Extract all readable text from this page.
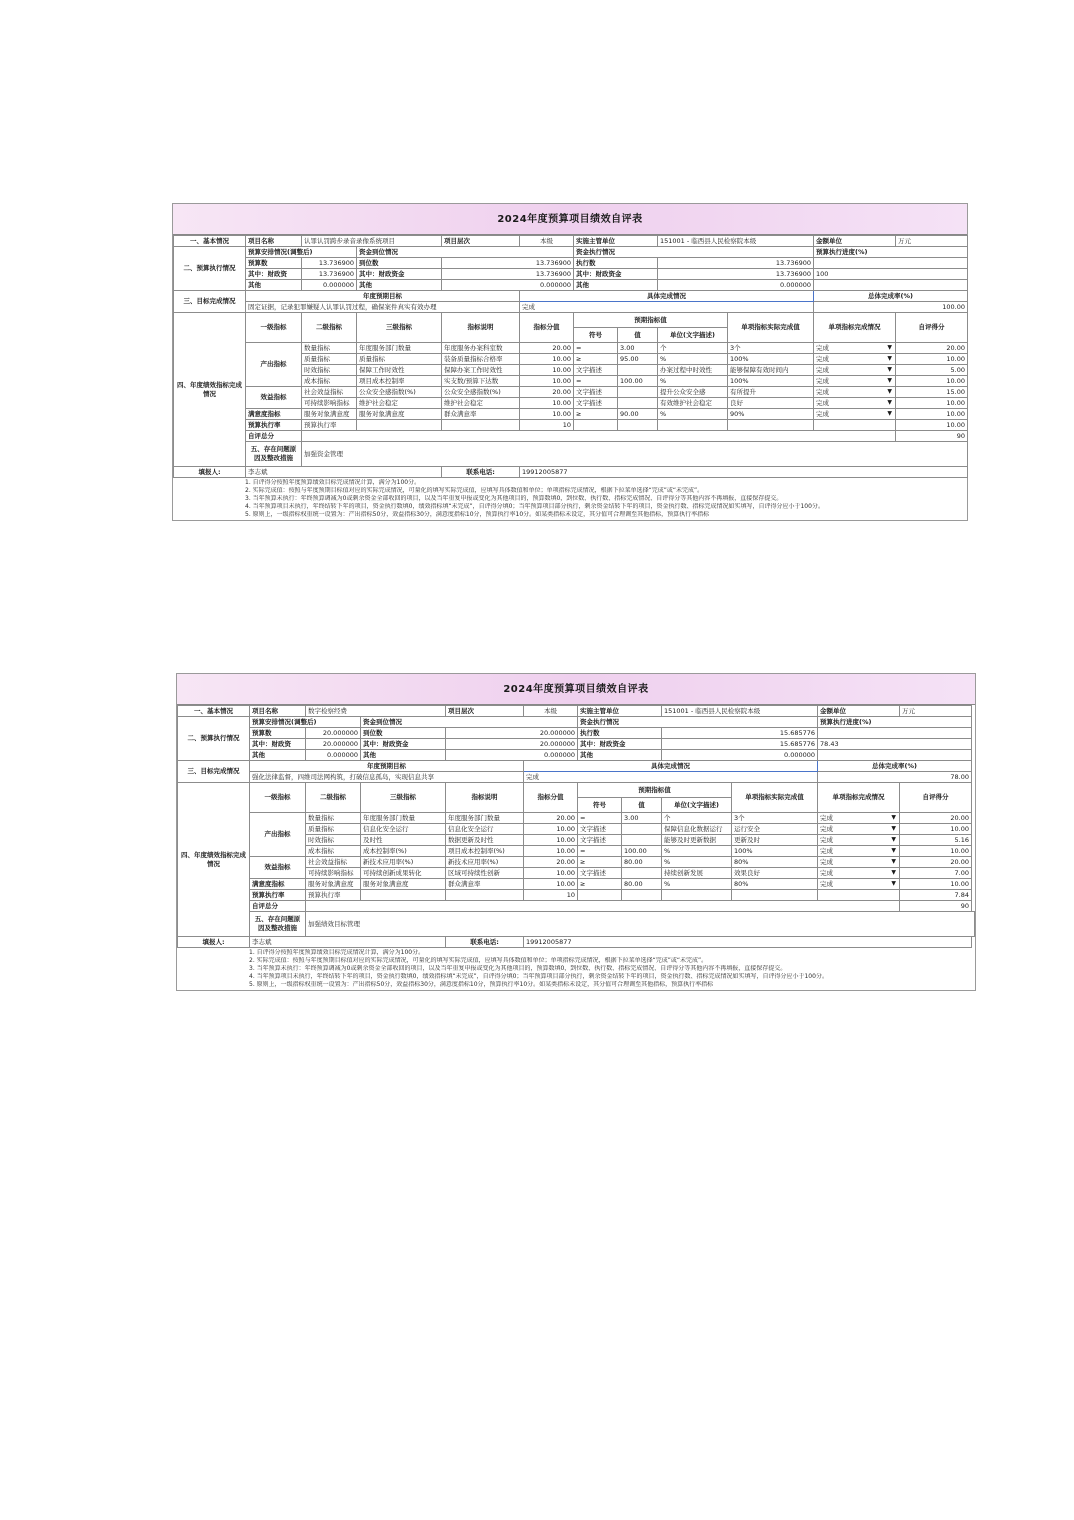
2024年度预算项目绩效自评表
一、基本情况	项目名称	认罪认罚跨步录音录像系统项目		项目层次	本级	实施主管单位		151001 - 临西县人民检察院本级		金额单位	万元
二、预算执行情况	预算安排情况(调整后)		资金到位情况			资金执行情况				预算执行进度(%)	
	预算数	13.736900	到位数	13.736900		执行数		13.736900			
	其中：财政资	13.736900	其中：财政资金	13.736900		其中：财政资金		13.736900		100	
	其他	0.000000	其他	0.000000		其他		0.000000			
三、目标完成情况	年度预期目标				具体完成情况					总体完成率(%)	
	固定证据，记录犯罪嫌疑人认罪认罚过程，确保案件真实有效办理				完成					100.00	
四、年度绩效指标完成情况	一级指标	二级指标	三级指标	指标说明	指标分值	预期指标值			单项指标实际完成值	单项指标完成情况	自评得分
						符号	值	单位(文字描述)			
	产出指标	数量指标	年度服务部门数量	年度服务办案科室数	20.00	=	3.00	个	3个	完成 ▼	20.00
		质量指标	质量指标	装备质量指标合格率	10.00	≥	95.00	%	100%	完成 ▼	10.00
		时效指标	保障工作时效性	保障办案工作时效性	10.00	文字描述		办案过程中时效性	能够保障有效时间内	完成 ▼	5.00
		成本指标	项目成本控制率	实支数/预算下达数	10.00	=	100.00	%	100%	完成 ▼	10.00
	效益指标	社会效益指标	公众安全感指数(%)	公众安全感指数(%)	20.00	文字描述		提升公众安全感	有所提升	完成 ▼	15.00
		可持续影响指标	维护社会稳定	维护社会稳定	10.00	文字描述		有效维护社会稳定	良好	完成 ▼	10.00
	满意度指标	服务对象满意度	服务对象满意度	群众满意率	10.00	≥	90.00	%	90%	完成 ▼	10.00
	预算执行率	预算执行率			10						10.00
	自评总分										90
	五、存在问题原因及整改措施	加强资金管理									
填报人:	李志斌			联系电话:	19912005877						
1. 自评得分按照年度预算绩效目标完成情况计算，满分为100分。
2. 实际完成值：按照与年度预期目标值对应的实际完成情况，可量化的填写实际完成值，应填写具体数值和单位；单项指标完成情况，根据下拉菜单选择“完成”或“未完成”。
3. 当年预算未执行：年终预算调减为0或剩余资金全部收回的项目，以及当年重复申报或变化为其他项目的，预算数填0，到位数、执行数、指标完成情况、自评得分等其他内容不再填报，直接保存提交。
4. 当年预算项目未执行，年终结转下年的项目，资金执行数填0，绩效指标填“未完成”，自评得分填0；当年预算项目部分执行，剩余资金结转下年的项目，资金执行数、指标完成情况如实填写，自评得分应小于100分。
5. 原则上，一级指标权重统一设置为：产出指标50分，效益指标30分，满意度指标10分，预算执行率10分。如某类指标未设定，其分值可合理调至其他指标，预算执行率指标
2024年度预算项目绩效自评表
一、基本情况	项目名称	数字检察经费		项目层次	本级	实施主管单位		151001 - 临西县人民检察院本级		金额单位	万元
二、预算执行情况	预算安排情况(调整后)		资金到位情况			资金执行情况				预算执行进度(%)	
	预算数	20.000000	到位数	20.000000		执行数		15.685776			
	其中：财政资	20.000000	其中：财政资金	20.000000		其中：财政资金		15.685776		78.43	
	其他	0.000000	其他	0.000000		其他		0.000000			
三、目标完成情况	年度预期目标				具体完成情况					总体完成率(%)	
	强化法律监督，四维司法网构筑，打破信息孤岛，实现信息共享				完成					78.00	
四、年度绩效指标完成情况	一级指标	二级指标	三级指标	指标说明	指标分值	预期指标值			单项指标实际完成值	单项指标完成情况	自评得分
						符号	值	单位(文字描述)			
	产出指标	数量指标	年度服务部门数量	年度服务部门数量	20.00	=	3.00	个	3个	完成 ▼	20.00
		质量指标	信息化安全运行	信息化安全运行	10.00	文字描述		保障信息化数据运行	运行安全	完成 ▼	10.00
		时效指标	及时性	数据更新及时性	10.00	文字描述		能够及时更新数据	更新及时	完成 ▼	5.16
		成本指标	成本控制率(%)	项目成本控制率(%)	10.00	=	100.00	%	100%	完成 ▼	10.00
	效益指标	社会效益指标	新技术应用率(%)	新技术应用率(%)	20.00	≥	80.00	%	80%	完成 ▼	20.00
		可持续影响指标	可持续创新成果转化	区域可持续性创新	10.00	文字描述		持续创新发展	效果良好	完成 ▼	7.00
	满意度指标	服务对象满意度	服务对象满意度	群众满意率	10.00	≥	80.00	%	80%	完成 ▼	10.00
	预算执行率	预算执行率			10						7.84
	自评总分										90
	五、存在问题原因及整改措施	加强绩效目标管理									
填报人:	李志斌			联系电话:	19912005877						
1. 自评得分按照年度预算绩效目标完成情况计算，满分为100分。
2. 实际完成值：按照与年度预期目标值对应的实际完成情况，可量化的填写实际完成值，应填写具体数值和单位；单项指标完成情况，根据下拉菜单选择“完成”或“未完成”。
3. 当年预算未执行：年终预算调减为0或剩余资金全部收回的项目，以及当年重复申报或变化为其他项目的，预算数填0，到位数、执行数、指标完成情况、自评得分等其他内容不再填报，直接保存提交。
4. 当年预算项目未执行，年终结转下年的项目，资金执行数填0，绩效指标填“未完成”，自评得分填0；当年预算项目部分执行，剩余资金结转下年的项目，资金执行数、指标完成情况如实填写，自评得分应小于100分。
5. 原则上，一级指标权重统一设置为：产出指标50分，效益指标30分，满意度指标10分，预算执行率10分。如某类指标未设定，其分值可合理调至其他指标，预算执行率指标
